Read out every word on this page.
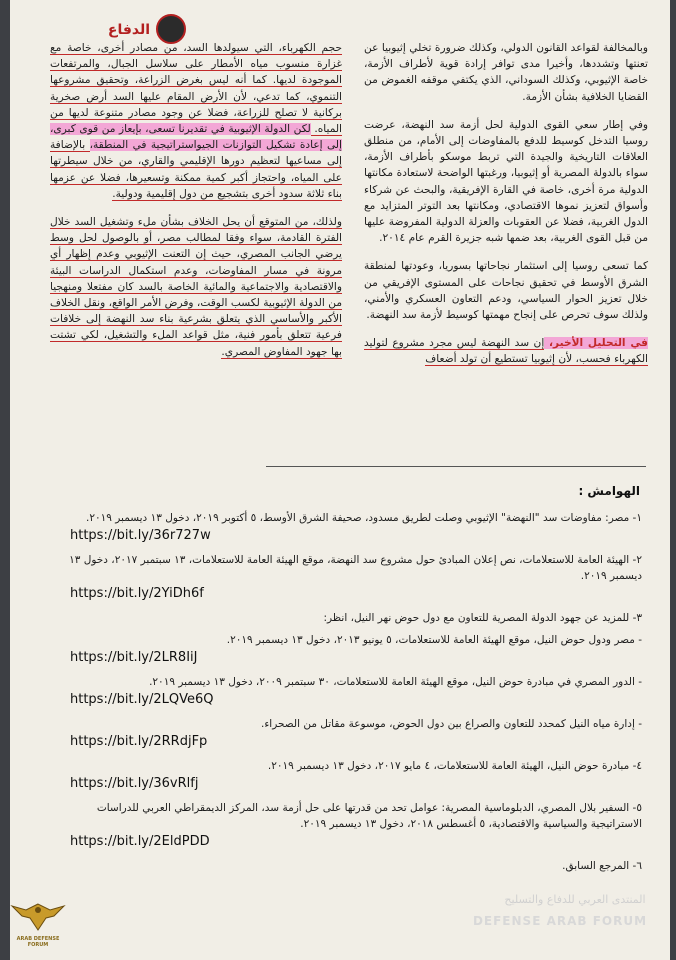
الدفاع

وبالمخالفة لقواعد القانون الدولي، وكذلك ضرورة تخلي إثيوبيا عن تعنتها وتشددها، وأخيرا مدى توافر إرادة قوية لأطراف الأزمة، خاصة الإثيوبي، وكذلك السوداني، الذي يكتفي موقفه الغموض من القضايا الخلافية بشأن الأزمة.

وفي إطار سعي القوى الدولية لحل أزمة سد النهضة، عرضت روسيا التدخل كوسيط للدفع بالمفاوضات إلى الأمام، من منطلق العلاقات التاريخية والجيدة التي تربط موسكو بأطراف الأزمة، سواء بالدولة المصرية أو إثيوبيا، ورغبتها الواضحة لاستعادة مكانتها الدولية مرة أخرى، خاصة في القارة الإفريقية، والبحث عن شركاء وأسواق لتعزيز نموها الاقتصادي، ومكانتها بعد التوتر المتزايد مع الدول الغربية، فضلا عن العقوبات والعزلة الدولية المفروضة عليها من قبل القوى الغربية، بعد ضمها شبه جزيرة القرم عام ٢٠١٤.

كما تسعى روسيا إلى استثمار نجاحاتها بسوريا، وعودتها لمنطقة الشرق الأوسط في تحقيق نجاحات على المستوى الإفريقي من خلال تعزيز الحوار السياسي، ودعم التعاون العسكري والأمني، ولذلك سوف تحرص على إنجاح مهمتها كوسيط لأزمة سد النهضة.

في التحليل الأخير، إن سد النهضة ليس مجرد مشروع لتوليد الكهرباء فحسب، لأن إثيوبيا تستطيع أن تولد أضعاف

حجم الكهرباء، التي سيولدها السد، من مصادر أخرى، خاصة مع غزارة منسوب مياه الأمطار على سلاسل الجبال، والمرتفعات الموجودة لديها. كما أنه ليس بغرض الزراعة، وتحقيق مشروعها التنموي، كما تدعي، لأن الأرض المقام عليها السد أرض صخرية بركانية لا تصلح للزراعة، فضلا عن وجود مصادر متنوعة لديها من المياه. لكن الدولة الإثيوبية في تقديرنا تسعى، بإيعاز من قوى كبرى، إلى إعادة تشكيل التوازنات الجيواستراتيجية في المنطقة، بالإضافة إلى مساعيها لتعظيم دورها الإقليمي والقاري، من خلال سيطرتها على المياه، واحتجاز أكبر كمية ممكنة وتسعيرها، فضلا عن عزمها بناء ثلاثة سدود أخرى بتشجيع من دول إقليمية ودولية.

ولذلك، من المتوقع أن يحل الخلاف بشأن ملء وتشغيل السد خلال الفترة القادمة، سواء وفقا لمطالب مصر، أو بالوصول لحل وسط يرضي الجانب المصري، حيث إن التعنت الإثيوبي وعدم إظهار أي مرونة في مسار المفاوضات، وعدم استكمال الدراسات البيئة والاقتصادية والاجتماعية والمائية الخاصة بالسد كان مفتعلا ومنهجيا من الدولة الإثيوبية لكسب الوقت، وفرض الأمر الواقع، ونقل الخلاف الأكبر والأساسي الذي يتعلق بشرعية بناء سد النهضة إلى خلافات فرعية تتعلق بأمور فنية، مثل قواعد الملء والتشغيل، لكي تشتت بها جهود المفاوض المصري.

الهوامش :
١- مصر: مفاوضات سد "النهضة" الإثيوبي وصلت لطريق مسدود، صحيفة الشرق الأوسط، ٥ أكتوبر ٢٠١٩، دخول ١٣ ديسمبر ٢٠١٩.
https://bit.ly/36r727w
٢- الهيئة العامة للاستعلامات، نص إعلان المبادئ حول مشروع سد النهضة، موقع الهيئة العامة للاستعلامات، ١٣ سبتمبر ٢٠١٧، دخول ١٣ ديسمبر ٢٠١٩.
https://bit.ly/2YiDh6f
٣- للمزيد عن جهود الدولة المصرية للتعاون مع دول حوض نهر النيل، انظر:
- مصر ودول حوض النيل، موقع الهيئة العامة للاستعلامات، ٥ يونيو ٢٠١٣، دخول ١٣ ديسمبر ٢٠١٩.
https://bit.ly/2LR8IiJ
- الدور المصري في مبادرة حوض النيل، موقع الهيئة العامة للاستعلامات، ٣٠ سبتمبر ٢٠٠٩، دخول ١٣ ديسمبر ٢٠١٩.
https://bit.ly/2LQVe6Q
- إدارة مياه النيل كمحدد للتعاون والصراع بين دول الحوض، موسوعة مقاتل من الصحراء.
https://bit.ly/2RRdjFp
٤- مبادرة حوض النيل، الهيئة العامة للاستعلامات، ٤ مايو ٢٠١٧، دخول ١٣ ديسمبر ٢٠١٩.
https://bit.ly/36vRlfj
٥- السفير بلال المصري، الدبلوماسية المصرية: عوامل تحد من قدرتها على حل أزمة سد، المركز الديمقراطي العربي للدراسات الاستراتيجية والسياسية والاقتصادية، ٥ أغسطس ٢٠١٨، دخول ١٣ ديسمبر ٢٠١٩.
https://bit.ly/2EldPDD
٦- المرجع السابق.
المنتدى العربي للدفاع والتسليح
DEFENSE ARAB FORUM
ARAB DEFENSE FORUM
